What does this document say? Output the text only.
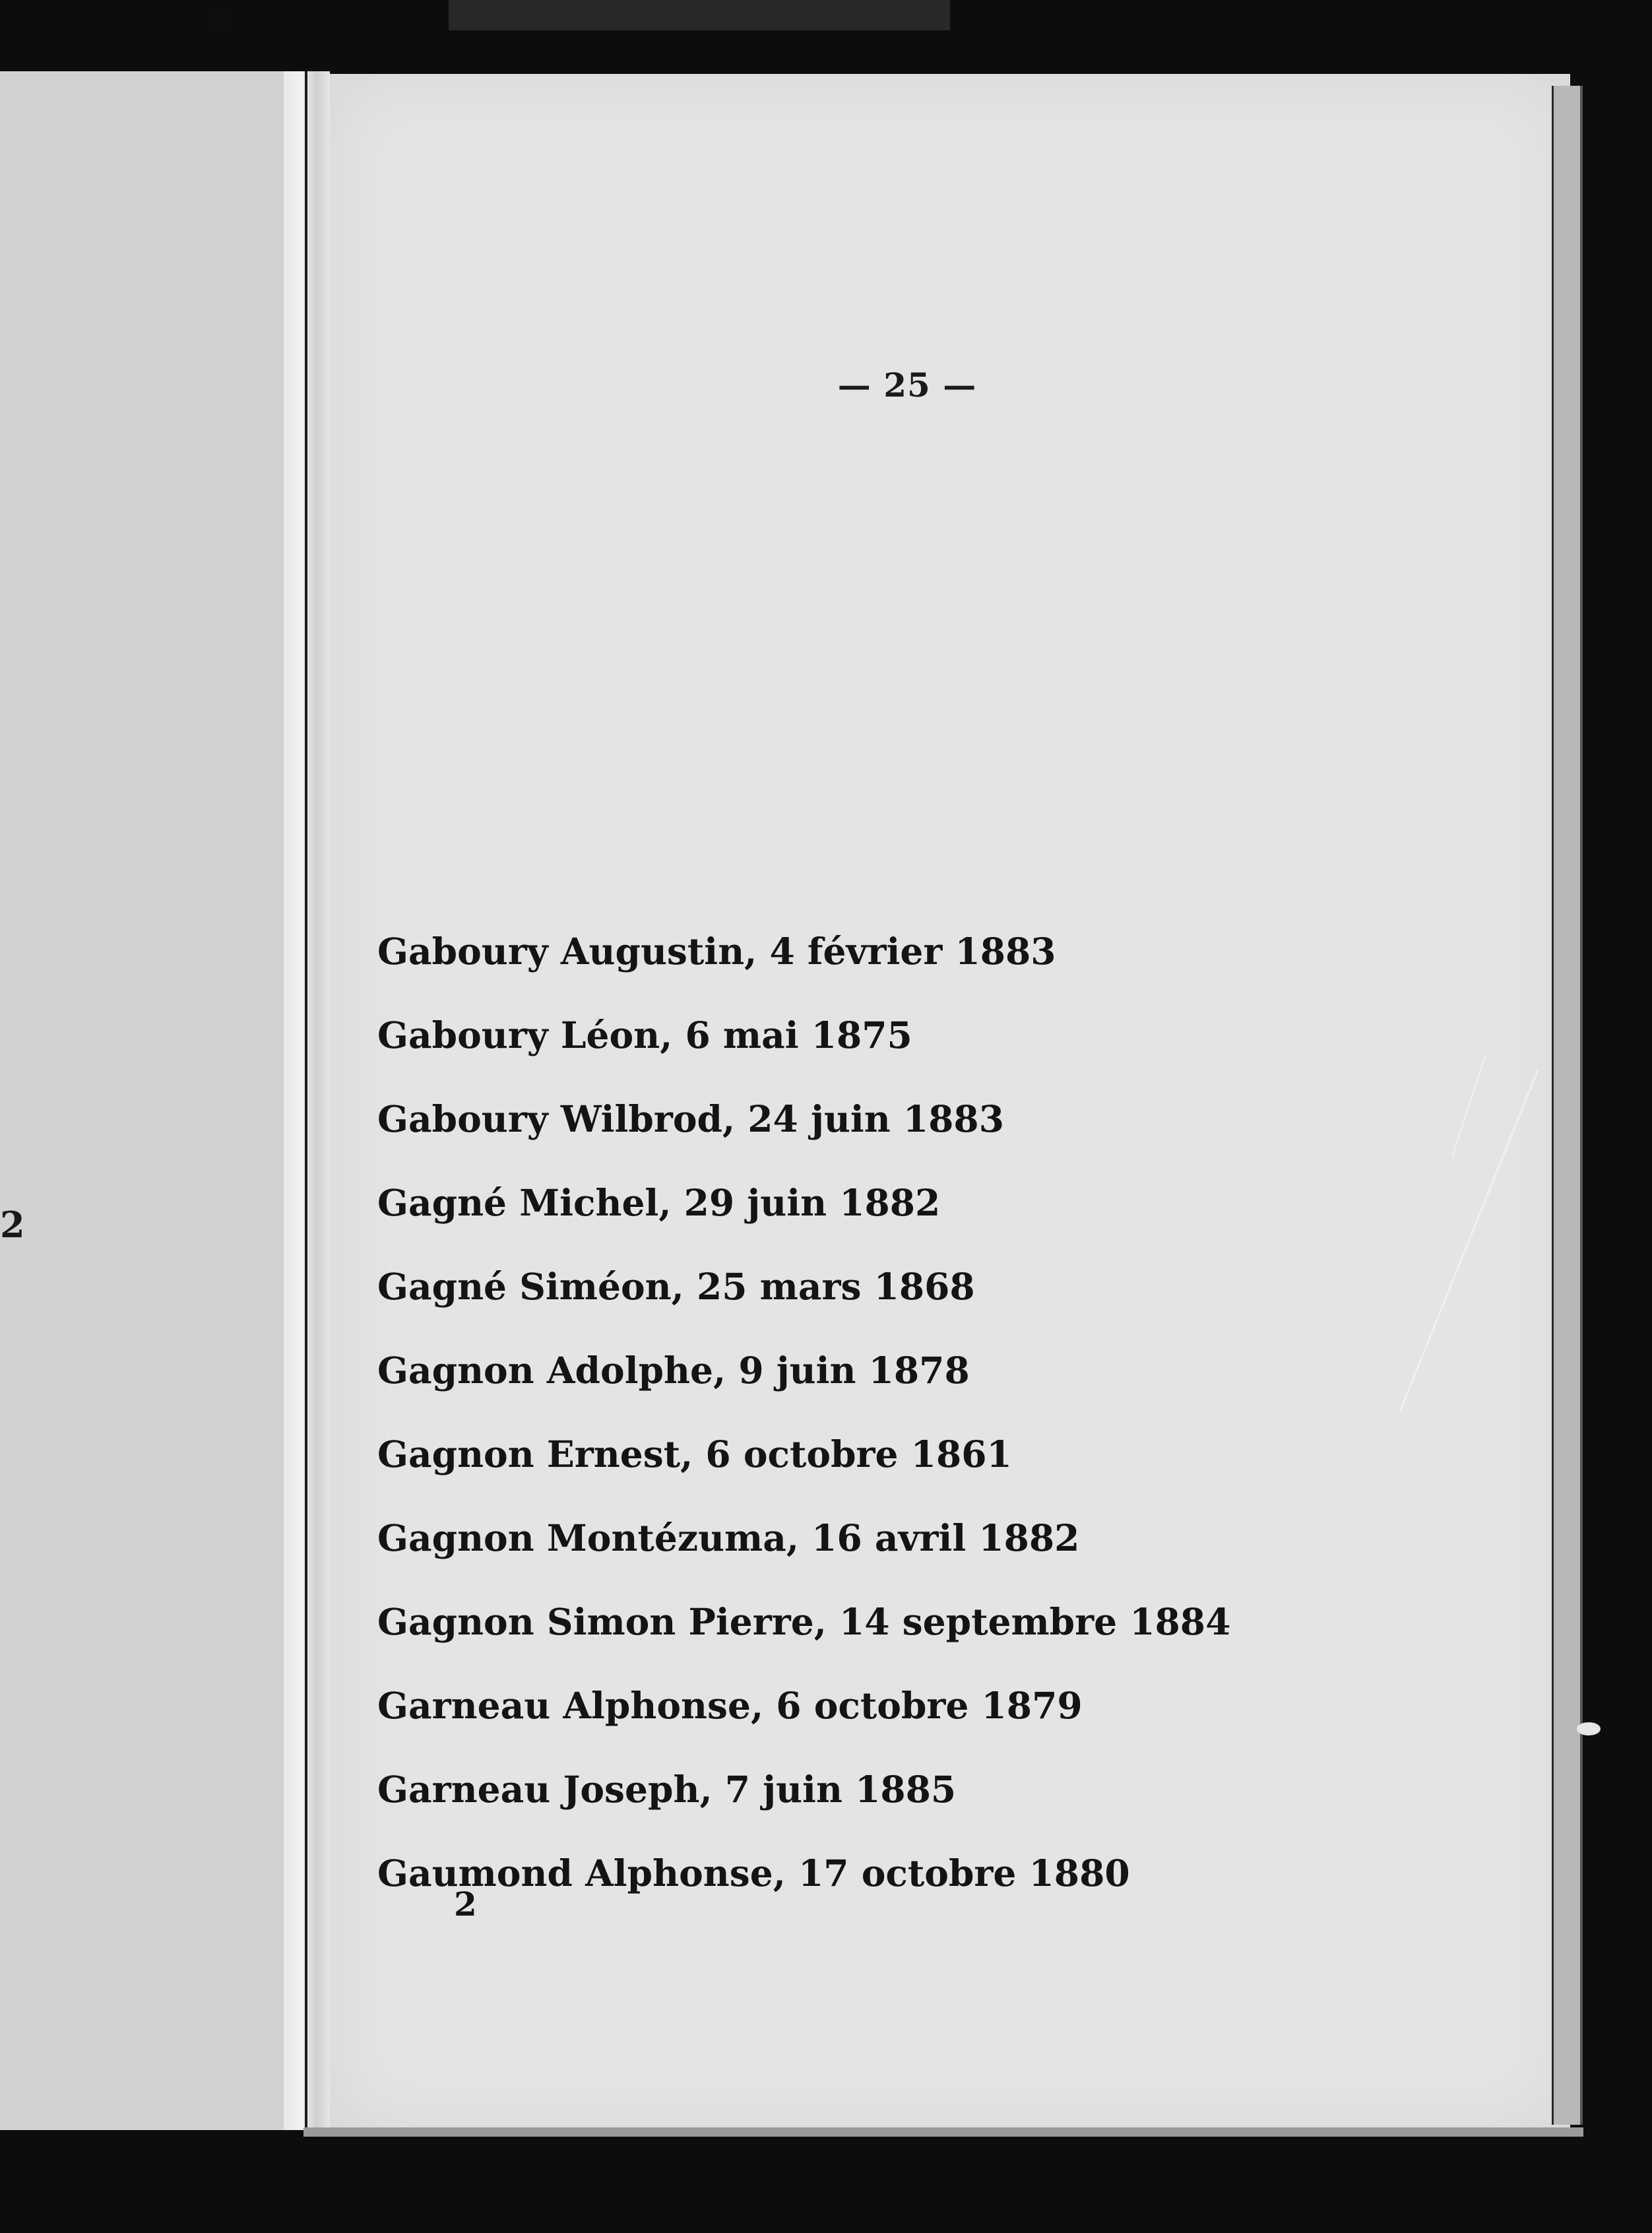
2
— 25 —
Gaboury Augustin, 4 février 1883
Gaboury Léon, 6 mai 1875
Gaboury Wilbrod, 24 juin 1883
Gagné Michel, 29 juin 1882
Gagné Siméon, 25 mars 1868
Gagnon Adolphe, 9 juin 1878
Gagnon Ernest, 6 octobre 1861
Gagnon Montézuma, 16 avril 1882
Gagnon Simon Pierre, 14 septembre 1884
Garneau Alphonse, 6 octobre 1879
Garneau Joseph, 7 juin 1885
Gaumond Alphonse, 17 octobre 1880
2
